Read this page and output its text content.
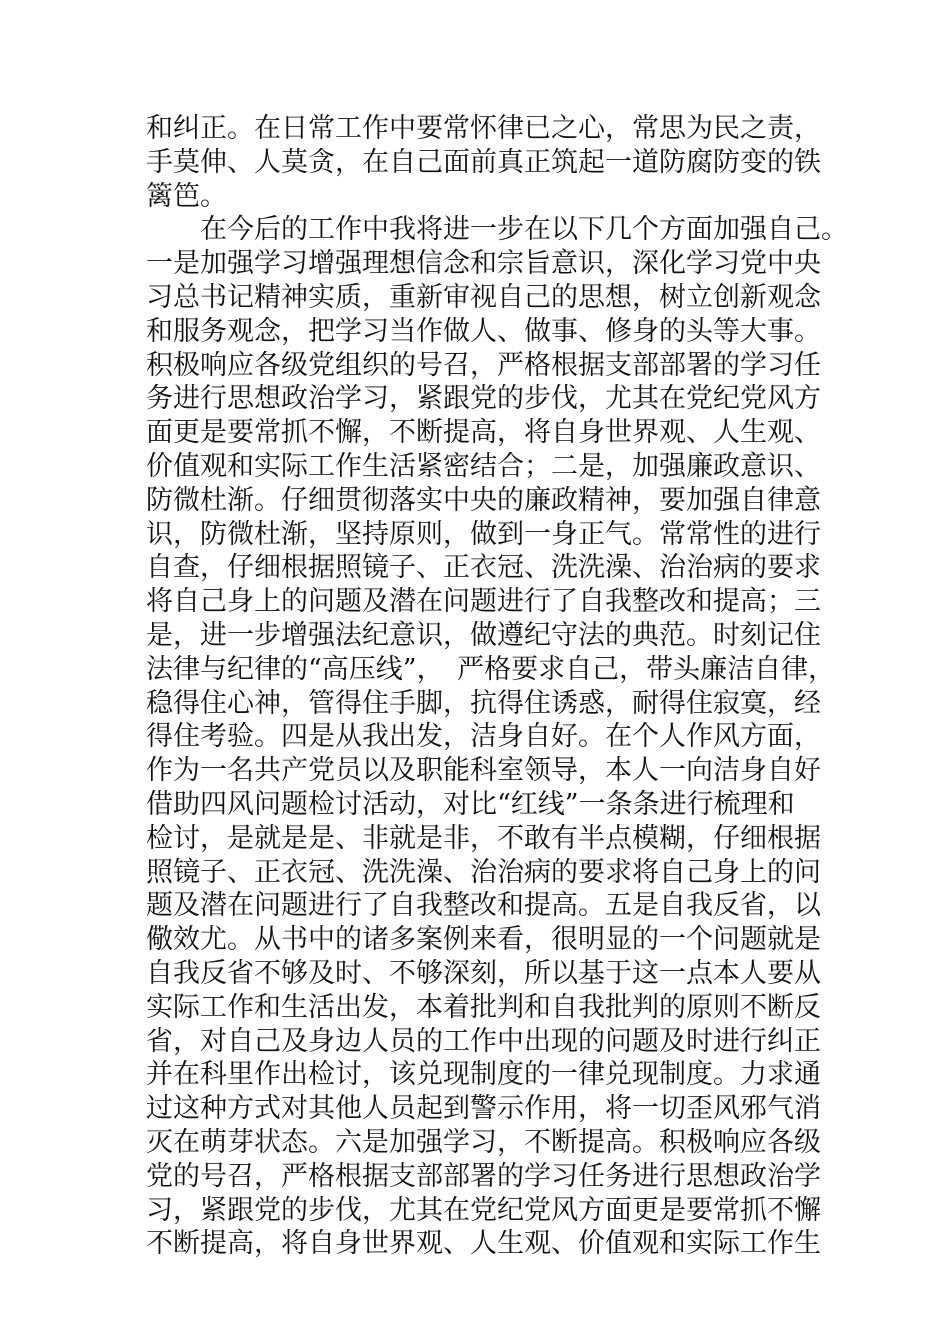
和纠正。在日常工作中要常怀律已之心，常思为民之责，
手莫伸、人莫贪，在自己面前真正筑起一道防腐防变的铁
篱笆。
　　在今后的工作中我将进一步在以下几个方面加强自己。
一是加强学习增强理想信念和宗旨意识，深化学习党中央
习总书记精神实质，重新审视自己的思想，树立创新观念
和服务观念，把学习当作做人、做事、修身的头等大事。
积极响应各级党组织的号召，严格根据支部部署的学习任
务进行思想政治学习，紧跟党的步伐，尤其在党纪党风方
面更是要常抓不懈，不断提高，将自身世界观、人生观、
价值观和实际工作生活紧密结合；二是，加强廉政意识、
防微杜渐。仔细贯彻落实中央的廉政精神，要加强自律意
识，防微杜渐，坚持原则，做到一身正气。常常性的进行
自查，仔细根据照镜子、正衣冠、洗洗澡、治治病的要求
将自己身上的问题及潜在问题进行了自我整改和提高；三
是，进一步增强法纪意识，做遵纪守法的典范。时刻记住
法律与纪律的“高压线”，　严格要求自己，带头廉洁自律，
稳得住心神，管得住手脚，抗得住诱惑，耐得住寂寞，经
得住考验。四是从我出发，洁身自好。在个人作风方面，
作为一名共产党员以及职能科室领导，本人一向洁身自好
借助四风问题检讨活动，对比“红线”一条条进行梳理和
检讨，是就是是、非就是非，不敢有半点模糊，仔细根据
照镜子、正衣冠、洗洗澡、治治病的要求将自己身上的问
题及潜在问题进行了自我整改和提高。五是自我反省，以
儆效尤。从书中的诸多案例来看，很明显的一个问题就是
自我反省不够及时、不够深刻，所以基于这一点本人要从
实际工作和生活出发，本着批判和自我批判的原则不断反
省，对自己及身边人员的工作中出现的问题及时进行纠正
并在科里作出检讨，该兑现制度的一律兑现制度。力求通
过这种方式对其他人员起到警示作用，将一切歪风邪气消
灭在萌芽状态。六是加强学习，不断提高。积极响应各级
党的号召，严格根据支部部署的学习任务进行思想政治学
习，紧跟党的步伐，尤其在党纪党风方面更是要常抓不懈
不断提高，将自身世界观、人生观、价值观和实际工作生
